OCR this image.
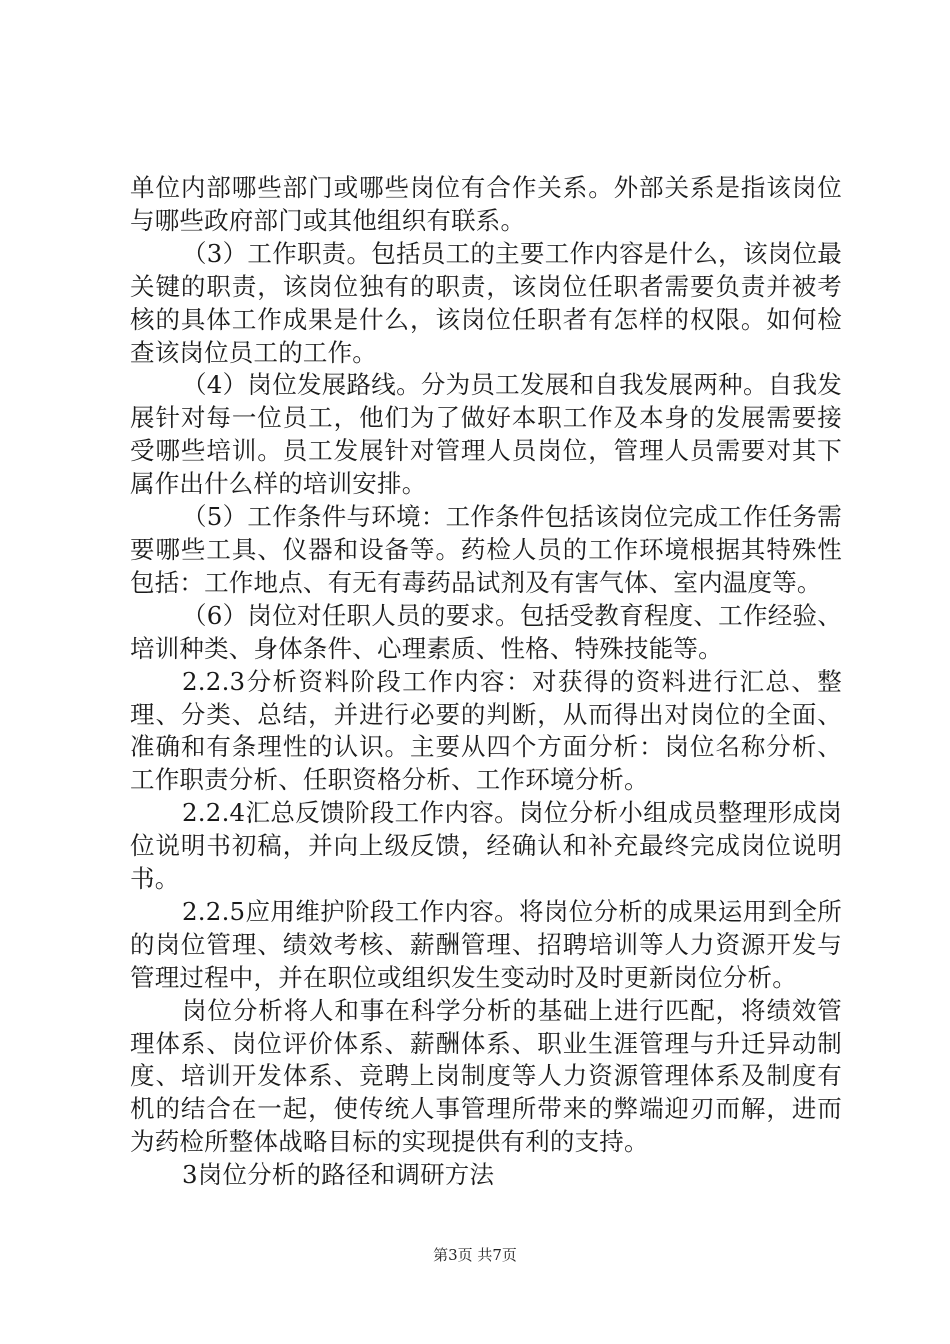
单位内部哪些部门或哪些岗位有合作关系。外部关系是指该岗位与哪些政府部门或其他组织有联系。

（3）工作职责。包括员工的主要工作内容是什么，该岗位最关键的职责，该岗位独有的职责，该岗位任职者需要负责并被考核的具体工作成果是什么，该岗位任职者有怎样的权限。如何检查该岗位员工的工作。

（4）岗位发展路线。分为员工发展和自我发展两种。自我发展针对每一位员工，他们为了做好本职工作及本身的发展需要接受哪些培训。员工发展针对管理人员岗位，管理人员需要对其下属作出什么样的培训安排。

（5）工作条件与环境：工作条件包括该岗位完成工作任务需要哪些工具、仪器和设备等。药检人员的工作环境根据其特殊性包括：工作地点、有无有毒药品试剂及有害气体、室内温度等。

（6）岗位对任职人员的要求。包括受教育程度、工作经验、培训种类、身体条件、心理素质、性格、特殊技能等。

2.2.3分析资料阶段工作内容：对获得的资料进行汇总、整理、分类、总结，并进行必要的判断，从而得出对岗位的全面、准确和有条理性的认识。主要从四个方面分析：岗位名称分析、工作职责分析、任职资格分析、工作环境分析。

2.2.4汇总反馈阶段工作内容。岗位分析小组成员整理形成岗位说明书初稿，并向上级反馈，经确认和补充最终完成岗位说明书。

2.2.5应用维护阶段工作内容。将岗位分析的成果运用到全所的岗位管理、绩效考核、薪酬管理、招聘培训等人力资源开发与管理过程中，并在职位或组织发生变动时及时更新岗位分析。

岗位分析将人和事在科学分析的基础上进行匹配，将绩效管理体系、岗位评价体系、薪酬体系、职业生涯管理与升迁异动制度、培训开发体系、竞聘上岗制度等人力资源管理体系及制度有机的结合在一起，使传统人事管理所带来的弊端迎刃而解，进而为药检所整体战略目标的实现提供有利的支持。

3岗位分析的路径和调研方法

第3页 共7页
